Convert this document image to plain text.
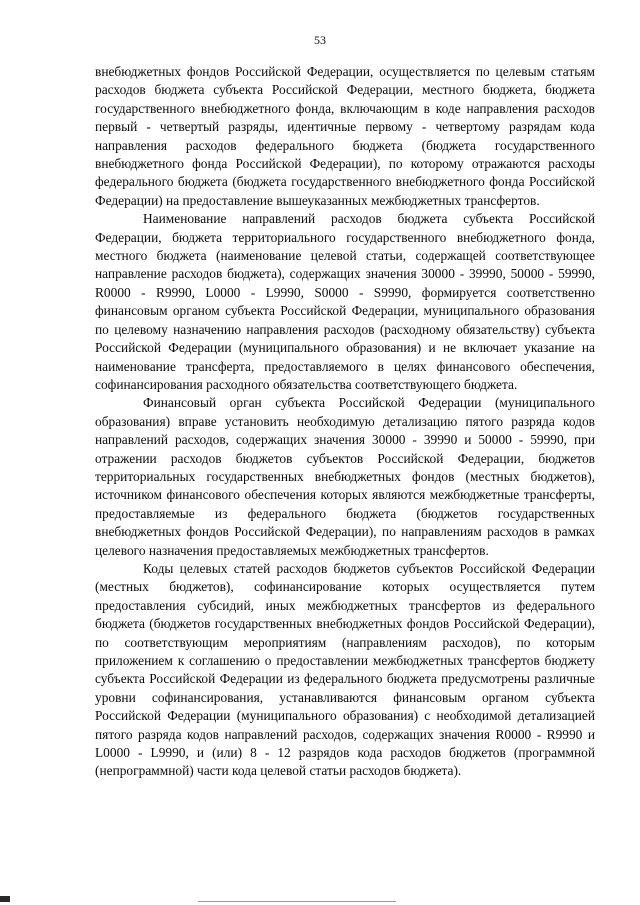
53

внебюджетных фондов Российской Федерации, осуществляется по целевым статьям расходов бюджета субъекта Российской Федерации, местного бюджета, бюджета государственного внебюджетного фонда, включающим в коде направления расходов первый - четвертый разряды, идентичные первому - четвертому разрядам кода направления расходов федерального бюджета (бюджета государственного внебюджетного фонда Российской Федерации), по которому отражаются расходы федерального бюджета (бюджета государственного внебюджетного фонда Российской Федерации) на предоставление вышеуказанных межбюджетных трансфертов.

Наименование направлений расходов бюджета субъекта Российской Федерации, бюджета территориального государственного внебюджетного фонда, местного бюджета (наименование целевой статьи, содержащей соответствующее направление расходов бюджета), содержащих значения 30000 - 39990, 50000 - 59990, R0000 - R9990, L0000 - L9990, S0000 - S9990, формируется соответственно финансовым органом субъекта Российской Федерации, муниципального образования по целевому назначению направления расходов (расходному обязательству) субъекта Российской Федерации (муниципального образования) и не включает указание на наименование трансферта, предоставляемого в целях финансового обеспечения, софинансирования расходного обязательства соответствующего бюджета.

Финансовый орган субъекта Российской Федерации (муниципального образования) вправе установить необходимую детализацию пятого разряда кодов направлений расходов, содержащих значения 30000 - 39990 и 50000 - 59990, при отражении расходов бюджетов субъектов Российской Федерации, бюджетов территориальных государственных внебюджетных фондов (местных бюджетов), источником финансового обеспечения которых являются межбюджетные трансферты, предоставляемые из федерального бюджета (бюджетов государственных внебюджетных фондов Российской Федерации), по направлениям расходов в рамках целевого назначения предоставляемых межбюджетных трансфертов.

Коды целевых статей расходов бюджетов субъектов Российской Федерации (местных бюджетов), софинансирование которых осуществляется путем предоставления субсидий, иных межбюджетных трансфертов из федерального бюджета (бюджетов государственных внебюджетных фондов Российской Федерации), по соответствующим мероприятиям (направлениям расходов), по которым приложением к соглашению о предоставлении межбюджетных трансфертов бюджету субъекта Российской Федерации из федерального бюджета предусмотрены различные уровни софинансирования, устанавливаются финансовым органом субъекта Российской Федерации (муниципального образования) с необходимой детализацией пятого разряда кодов направлений расходов, содержащих значения R0000 - R9990 и L0000 - L9990, и (или) 8 - 12 разрядов кода расходов бюджетов (программной (непрограммной) части кода целевой статьи расходов бюджета).
